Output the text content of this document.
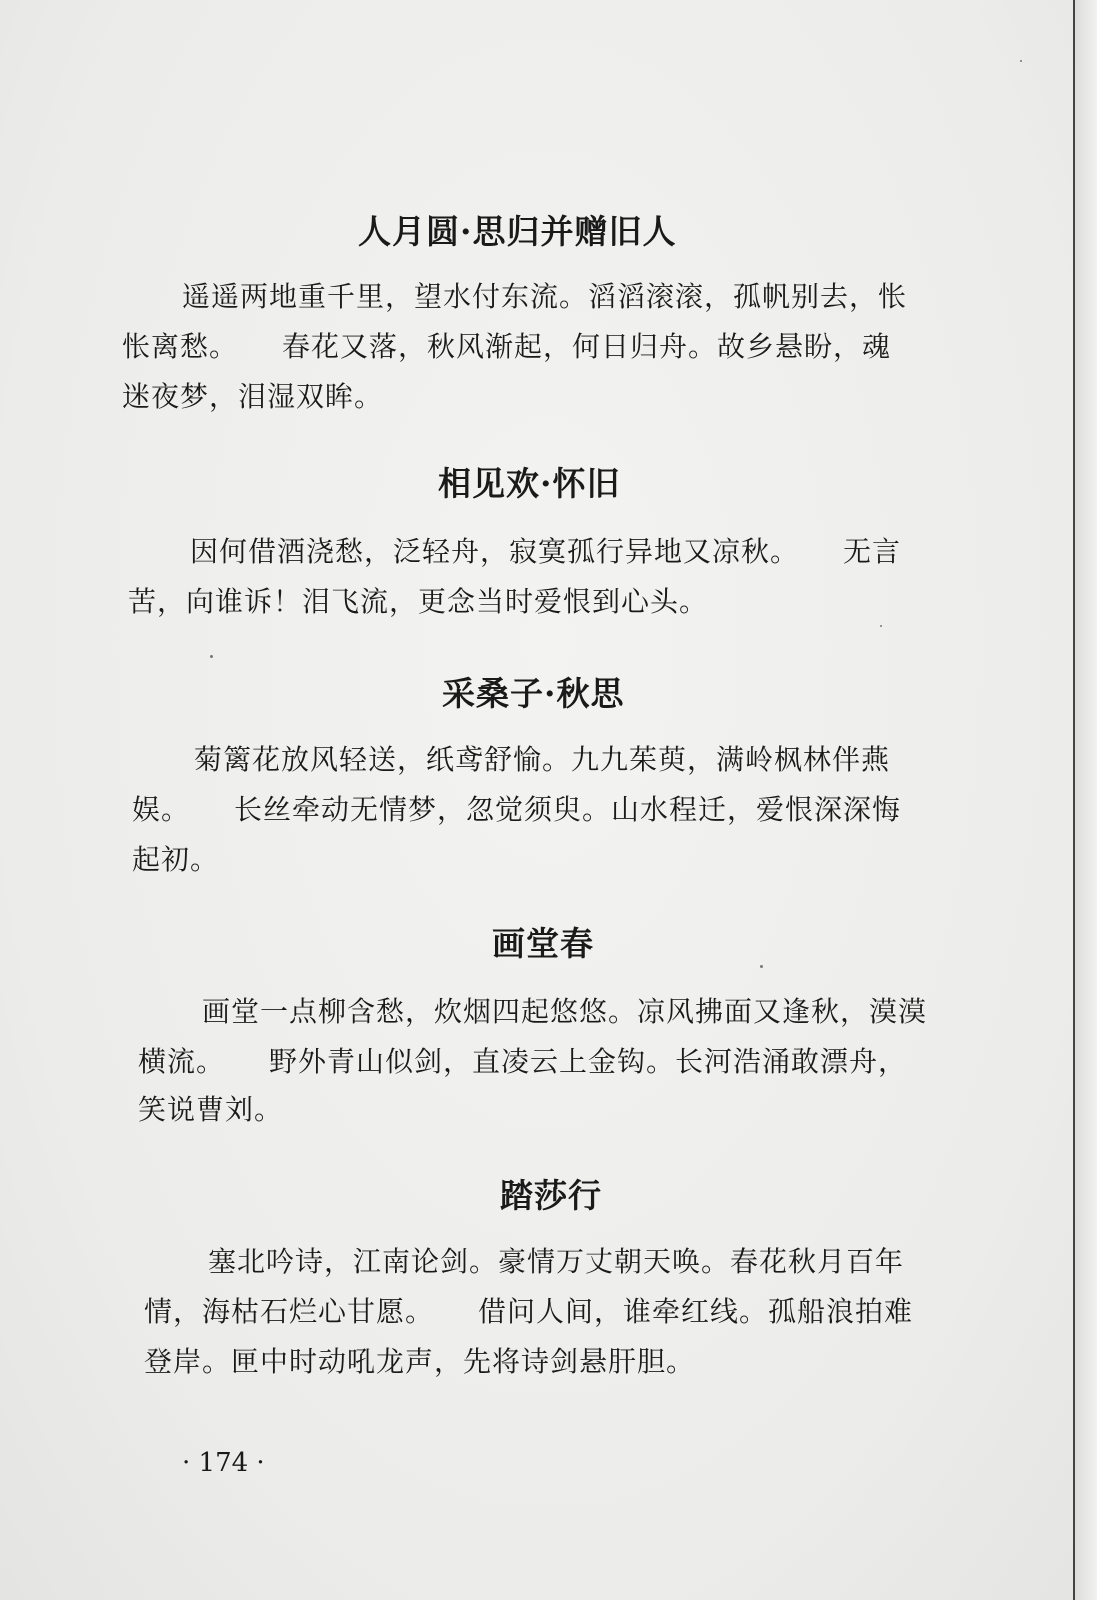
人月圆·思归并赠旧人
遥遥两地重千里，望水付东流。滔滔滚滚，孤帆别去，怅
怅离愁。　　春花又落，秋风渐起，何日归舟。故乡悬盼，魂
迷夜梦，泪湿双眸。
相见欢·怀旧
因何借酒浇愁，泛轻舟，寂寞孤行异地又凉秋。　　无言
苦，向谁诉！泪飞流，更念当时爱恨到心头。
采桑子·秋思
菊篱花放风轻送，纸鸢舒愉。九九茱萸，满岭枫林伴燕
娱。　　长丝牵动无情梦，忽觉须臾。山水程迁，爱恨深深悔
起初。
画堂春
画堂一点柳含愁，炊烟四起悠悠。凉风拂面又逢秋，漠漠
横流。　　野外青山似剑，直凌云上金钩。长河浩涌敢漂舟，
笑说曹刘。
踏莎行
塞北吟诗，江南论剑。豪情万丈朝天唤。春花秋月百年
情，海枯石烂心甘愿。　　借问人间，谁牵红线。孤船浪拍难
登岸。匣中时动吼龙声，先将诗剑悬肝胆。
· 174 ·
